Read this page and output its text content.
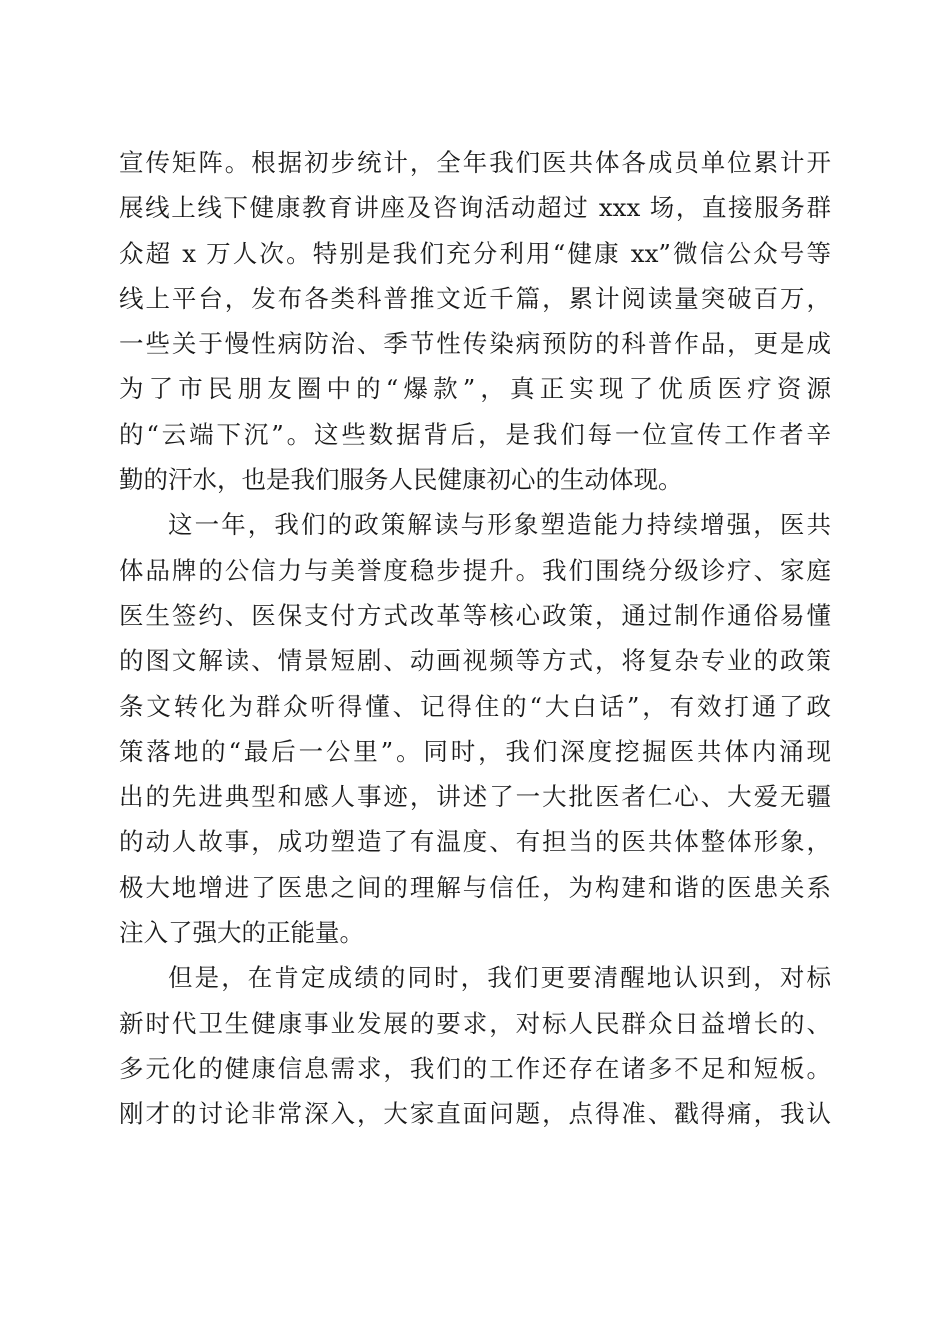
宣传矩阵。根据初步统计，全年我们医共体各成员单位累计开
展线上线下健康教育讲座及咨询活动超过 xxx 场，直接服务群
众超 x 万人次。特别是我们充分利用“健康 xx”微信公众号等
线上平台，发布各类科普推文近千篇，累计阅读量突破百万，
一些关于慢性病防治、季节性传染病预防的科普作品，更是成
为了市民朋友圈中的“爆款”，真正实现了优质医疗资源
的“云端下沉”。这些数据背后，是我们每一位宣传工作者辛
勤的汗水，也是我们服务人民健康初心的生动体现。
这一年，我们的政策解读与形象塑造能力持续增强，医共
体品牌的公信力与美誉度稳步提升。我们围绕分级诊疗、家庭
医生签约、医保支付方式改革等核心政策，通过制作通俗易懂
的图文解读、情景短剧、动画视频等方式，将复杂专业的政策
条文转化为群众听得懂、记得住的“大白话”，有效打通了政
策落地的“最后一公里”。同时，我们深度挖掘医共体内涌现
出的先进典型和感人事迹，讲述了一大批医者仁心、大爱无疆
的动人故事，成功塑造了有温度、有担当的医共体整体形象，
极大地增进了医患之间的理解与信任，为构建和谐的医患关系
注入了强大的正能量。
但是，在肯定成绩的同时，我们更要清醒地认识到，对标
新时代卫生健康事业发展的要求，对标人民群众日益增长的、
多元化的健康信息需求，我们的工作还存在诸多不足和短板。
刚才的讨论非常深入，大家直面问题，点得准、戳得痛，我认
